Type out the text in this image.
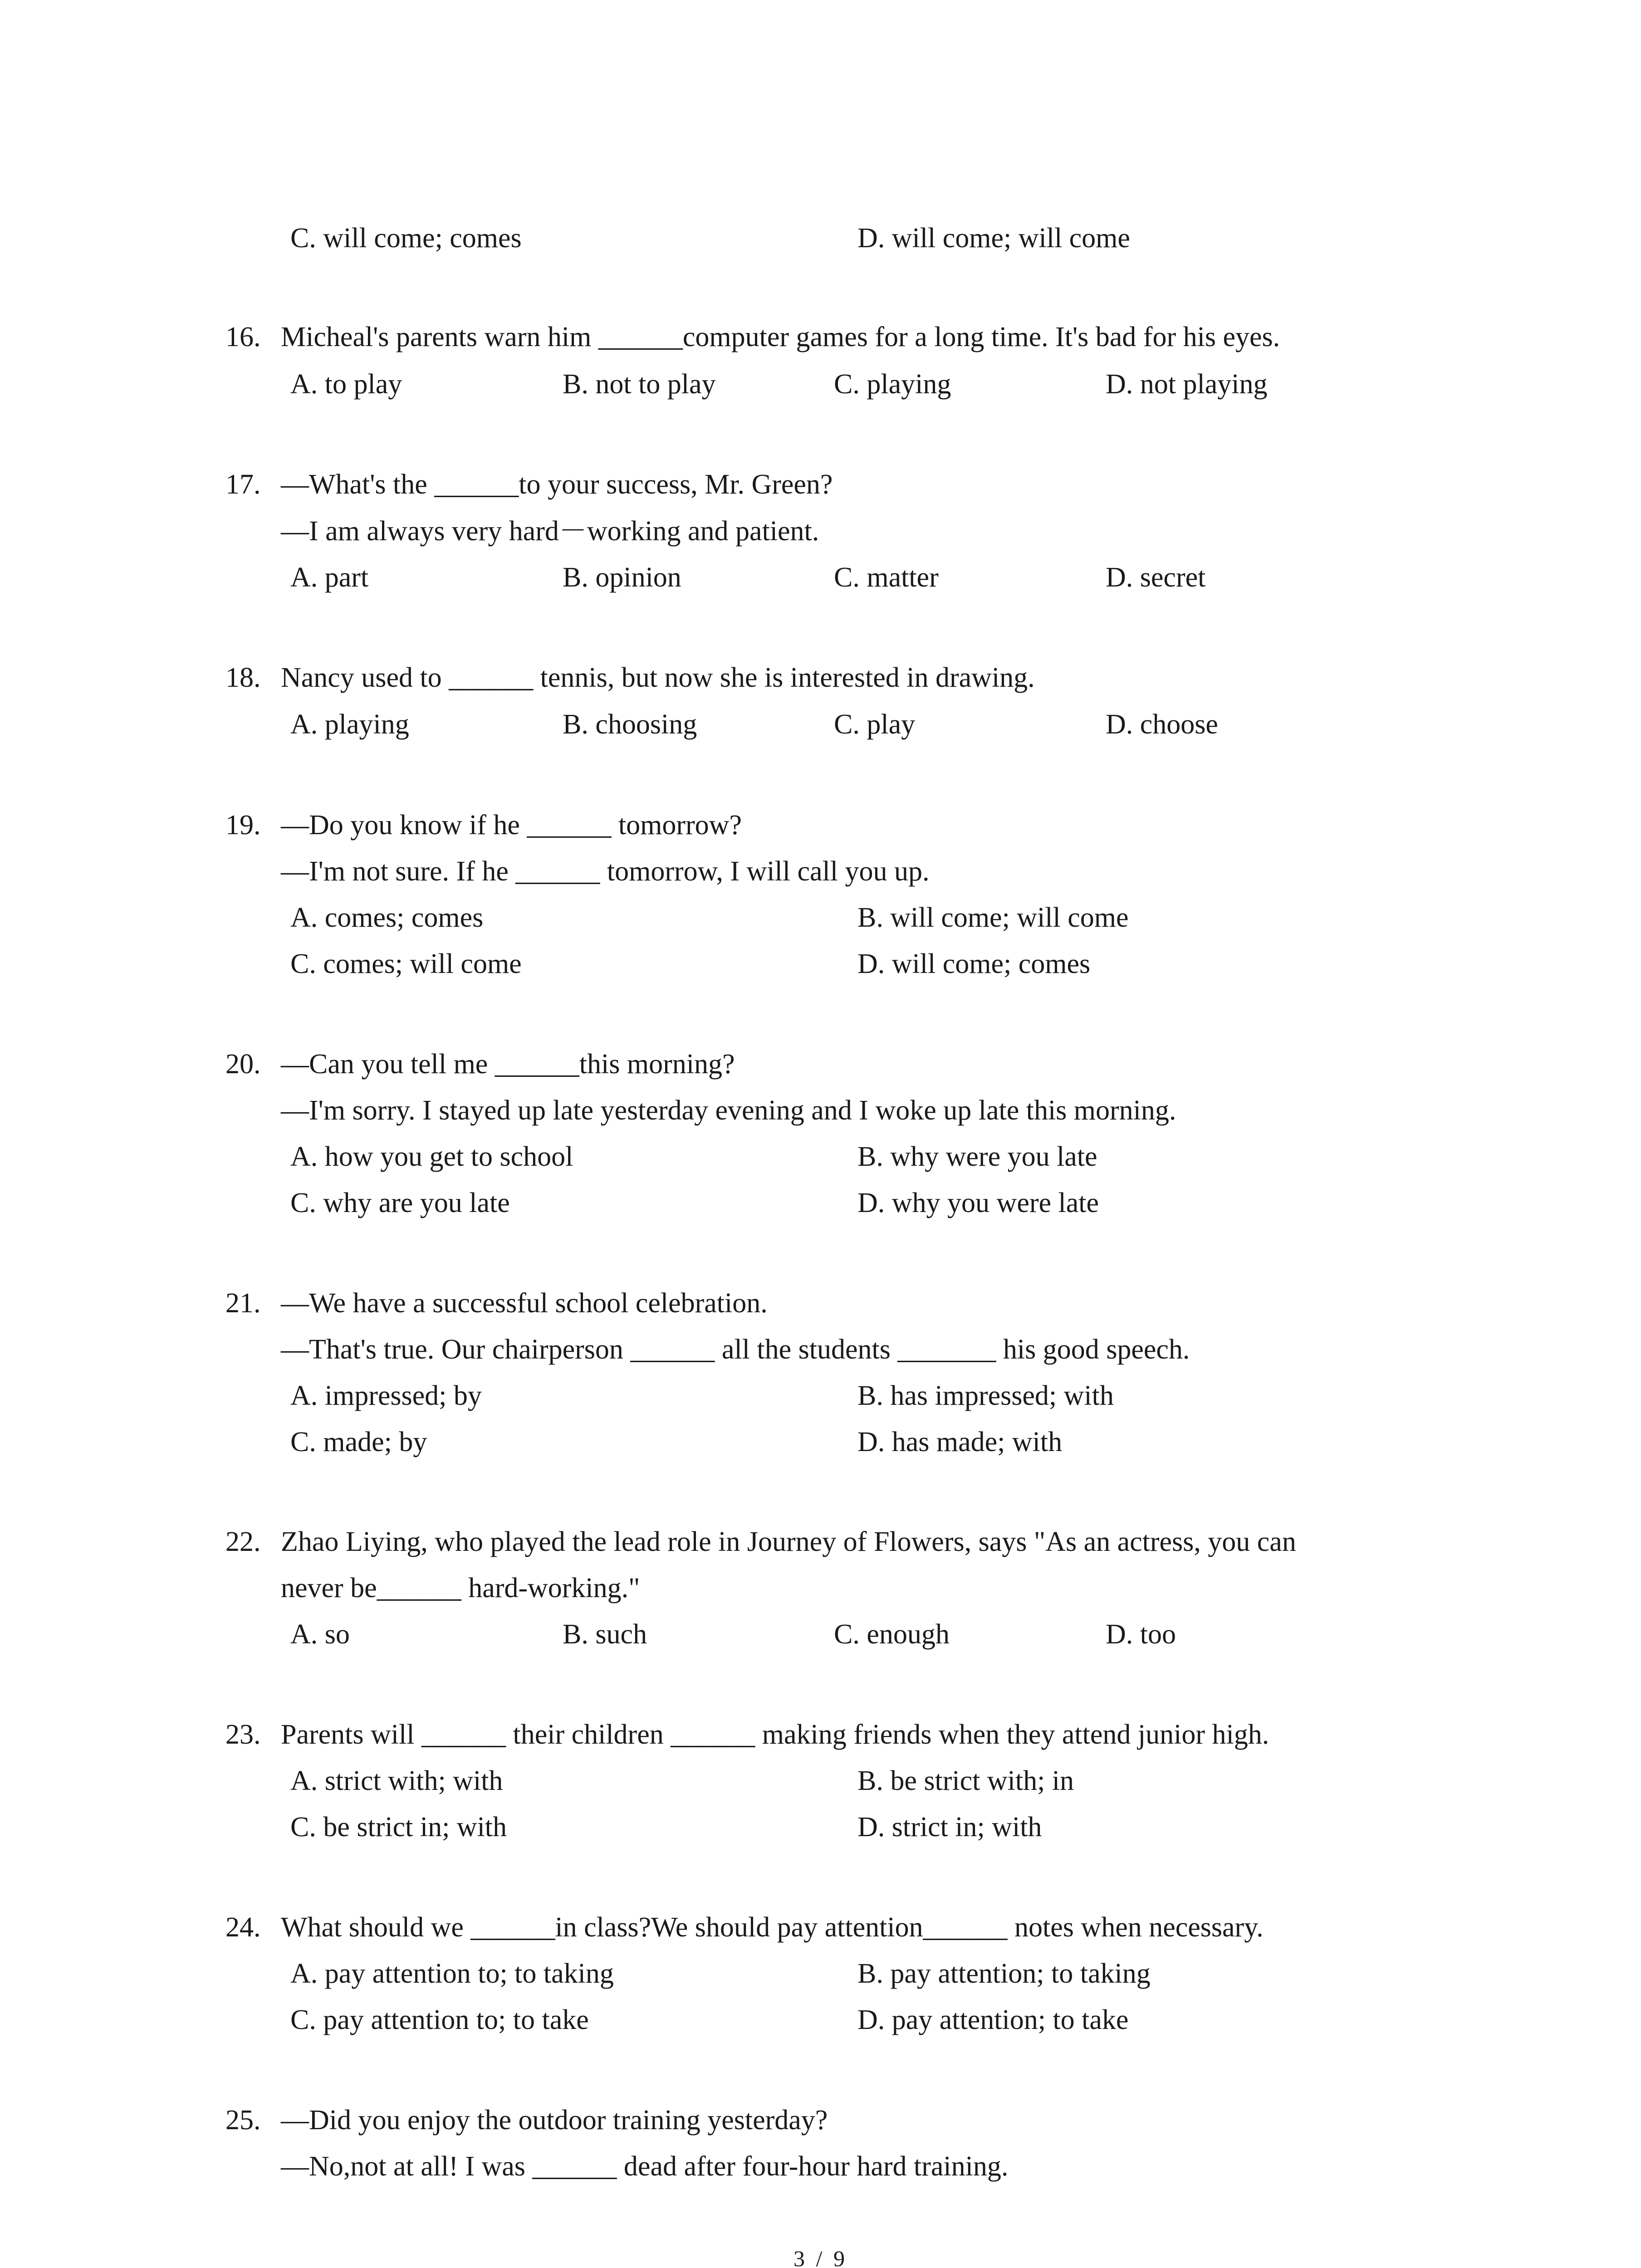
C. will come; comes	D. will come; will come
16. Micheal's parents warn him ______computer games for a long time. It's bad for his eyes.
A. to play	B. not to play	C. playing	D. not playing
17. —What's the ______to your success, Mr. Green?
—I am always very hard－working and patient.
A. part	B. opinion	C. matter	D. secret
18. Nancy used to ______ tennis, but now she is interested in drawing.
A. playing	B. choosing	C. play	D. choose
19. —Do you know if he ______ tomorrow?
—I'm not sure. If he ______ tomorrow, I will call you up.
A. comes; comes	B. will come; will come
C. comes; will come	D. will come; comes
20. —Can you tell me ______this morning?
—I'm sorry. I stayed up late yesterday evening and I woke up late this morning.
A. how you get to school	B. why were you late
C. why are you late	D. why you were late
21. —We have a successful school celebration.
—That's true. Our chairperson ______ all the students _______ his good speech.
A. impressed; by	B. has impressed; with
C. made; by	D. has made; with
22. Zhao Liying, who played the lead role in Journey of Flowers, says "As an actress, you can
never be______ hard-working."
A. so	B. such	C. enough	D. too
23. Parents will ______ their children ______ making friends when they attend junior high.
A. strict with; with	B. be strict with; in
C. be strict in; with	D. strict in; with
24. What should we ______in class?We should pay attention______ notes when necessary.
A. pay attention to; to taking	B. pay attention; to taking
C. pay attention to; to take	D. pay attention; to take
25. —Did you enjoy the outdoor training yesterday?
—No,not at all! I was ______ dead after four-hour hard training.
3 / 9
